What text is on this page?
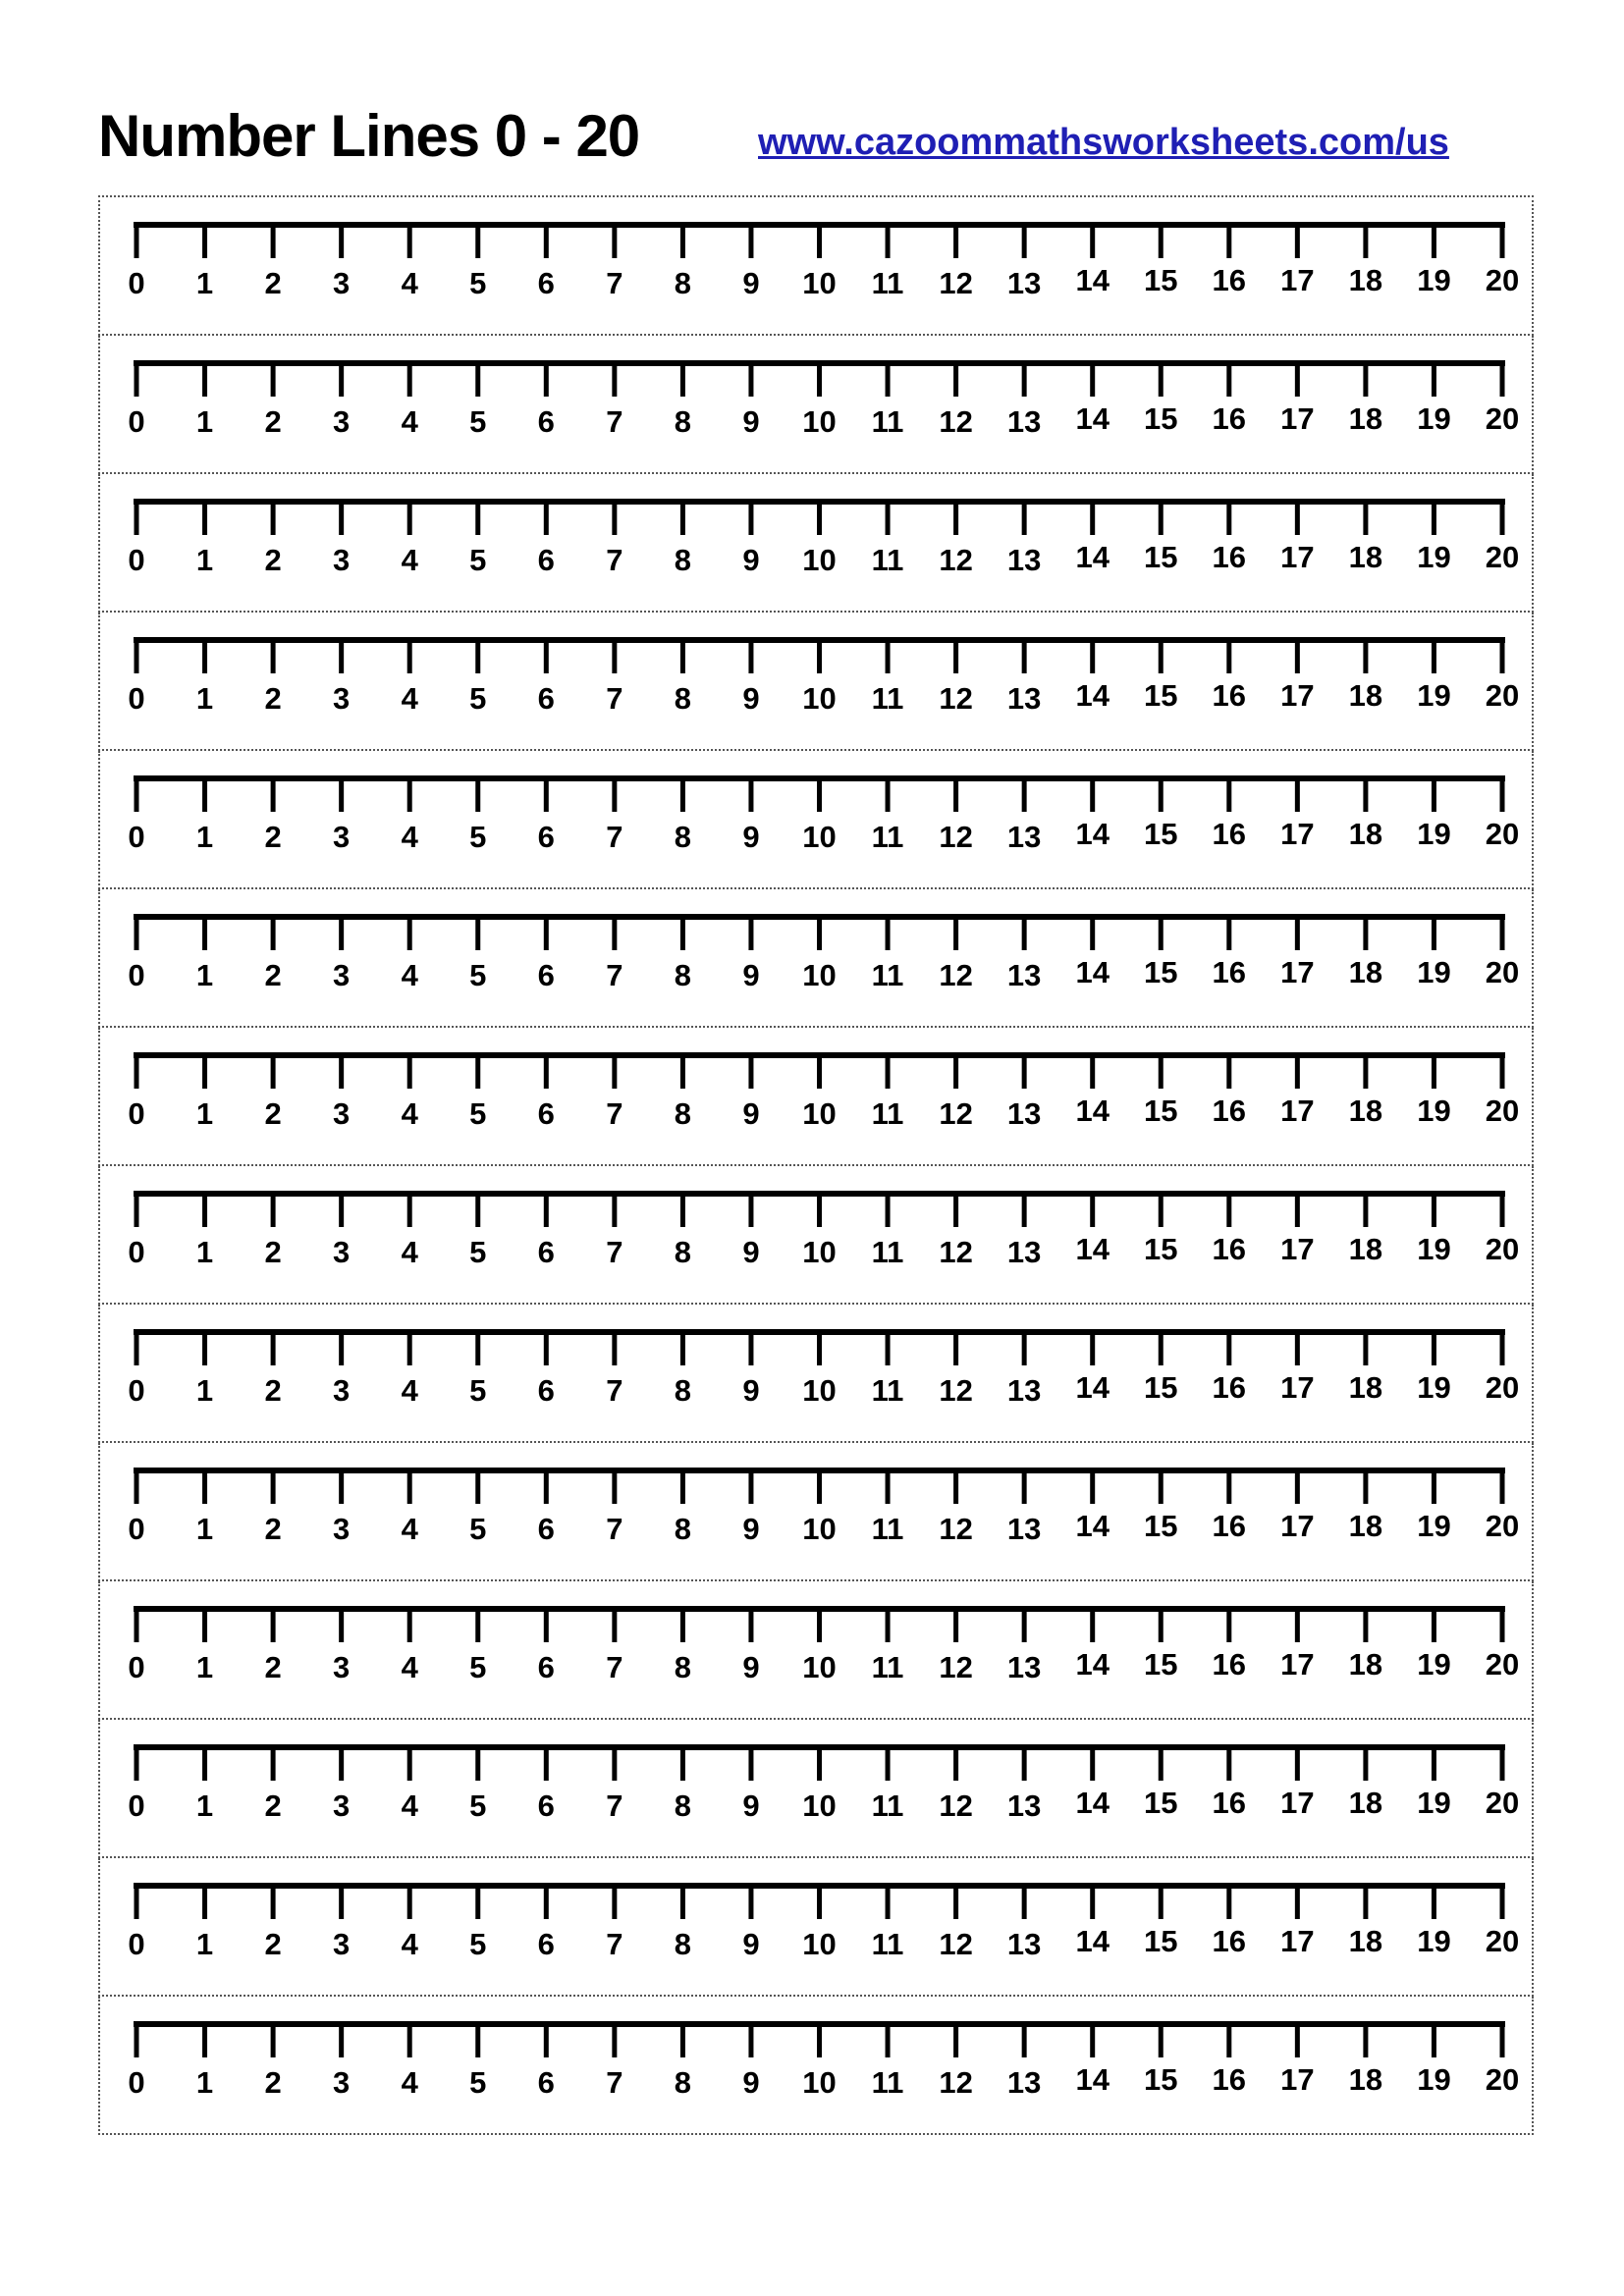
Number Lines 0 - 20	www.cazoommathsworksheets.com/us
0 1 2 3 4 5 6 7 8 9 10 11 12 13 14 15 16 17 18 19 20
0 1 2 3 4 5 6 7 8 9 10 11 12 13 14 15 16 17 18 19 20
0 1 2 3 4 5 6 7 8 9 10 11 12 13 14 15 16 17 18 19 20
0 1 2 3 4 5 6 7 8 9 10 11 12 13 14 15 16 17 18 19 20
0 1 2 3 4 5 6 7 8 9 10 11 12 13 14 15 16 17 18 19 20
0 1 2 3 4 5 6 7 8 9 10 11 12 13 14 15 16 17 18 19 20
0 1 2 3 4 5 6 7 8 9 10 11 12 13 14 15 16 17 18 19 20
0 1 2 3 4 5 6 7 8 9 10 11 12 13 14 15 16 17 18 19 20
0 1 2 3 4 5 6 7 8 9 10 11 12 13 14 15 16 17 18 19 20
0 1 2 3 4 5 6 7 8 9 10 11 12 13 14 15 16 17 18 19 20
0 1 2 3 4 5 6 7 8 9 10 11 12 13 14 15 16 17 18 19 20
0 1 2 3 4 5 6 7 8 9 10 11 12 13 14 15 16 17 18 19 20
0 1 2 3 4 5 6 7 8 9 10 11 12 13 14 15 16 17 18 19 20
0 1 2 3 4 5 6 7 8 9 10 11 12 13 14 15 16 17 18 19 20
